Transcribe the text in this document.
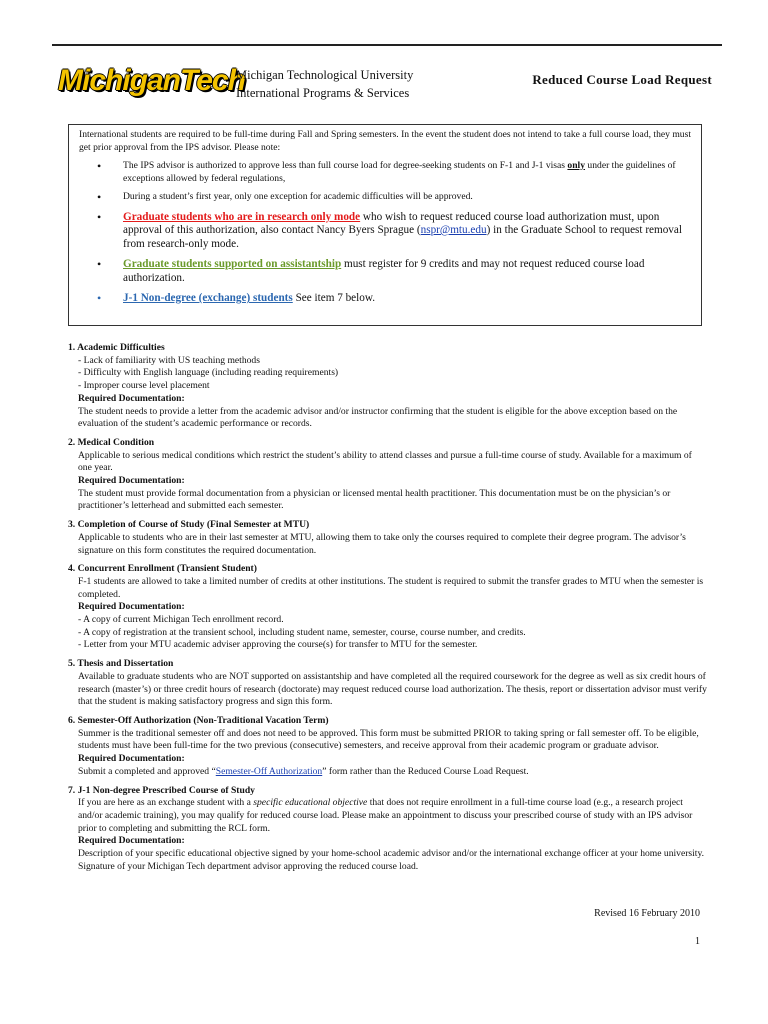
MichiganTech
Michigan Technological University
International Programs & Services
Reduced Course Load Request

International students are required to be full-time during Fall and Spring semesters. In the event the student does not intend to take a full course load, they must get prior approval from the IPS advisor. Please note:

• The IPS advisor is authorized to approve less than full course load for degree-seeking students on F-1 and J-1 visas only under the guidelines of exceptions allowed by federal regulations,
• During a student’s first year, only one exception for academic difficulties will be approved.
• Graduate students who are in research only mode who wish to request reduced course load authorization must, upon approval of this authorization, also contact Nancy Byers Sprague (nspr@mtu.edu) in the Graduate School to request removal from research-only mode.
• Graduate students supported on assistantship must register for 9 credits and may not request reduced course load authorization.
• J-1 Non-degree (exchange) students See item 7 below.
1. Academic Difficulties
- Lack of familiarity with US teaching methods
- Difficulty with English language (including reading requirements)
- Improper course level placement
Required Documentation:
The student needs to provide a letter from the academic advisor and/or instructor confirming that the student is eligible for the above exception based on the evaluation of the student’s academic performance or records.
2. Medical Condition
Applicable to serious medical conditions which restrict the student’s ability to attend classes and pursue a full-time course of study. Available for a maximum of one year.
Required Documentation:
The student must provide formal documentation from a physician or licensed mental health practitioner. This documentation must be on the physician’s or practitioner’s letterhead and submitted each semester.
3. Completion of Course of Study (Final Semester at MTU)
Applicable to students who are in their last semester at MTU, allowing them to take only the courses required to complete their degree program. The advisor’s signature on this form constitutes the required documentation.
4. Concurrent Enrollment (Transient Student)
F-1 students are allowed to take a limited number of credits at other institutions. The student is required to submit the transfer grades to MTU when the semester is completed.
Required Documentation:
- A copy of current Michigan Tech enrollment record.
- A copy of registration at the transient school, including student name, semester, course, course number, and credits.
- Letter from your MTU academic adviser approving the course(s) for transfer to MTU for the semester.
5. Thesis and Dissertation
Available to graduate students who are NOT supported on assistantship and have completed all the required coursework for the degree as well as six credit hours of research (master’s) or three credit hours of research (doctorate) may request reduced course load authorization. The thesis, report or dissertation advisor must verify that the student is making satisfactory progress and sign this form.
6. Semester-Off Authorization (Non-Traditional Vacation Term)
Summer is the traditional semester off and does not need to be approved. This form must be submitted PRIOR to taking spring or fall semester off. To be eligible, students must have been full-time for the two previous (consecutive) semesters, and receive approval from their academic program or graduate advisor.
Required Documentation:
Submit a completed and approved “Semester-Off Authorization” form rather than the Reduced Course Load Request.
7. J-1 Non-degree Prescribed Course of Study
If you are here as an exchange student with a specific educational objective that does not require enrollment in a full-time course load (e.g., a research project and/or academic training), you may qualify for reduced course load. Please make an appointment to discuss your prescribed course of study with an IPS advisor prior to completing and submitting the RCL form.
Required Documentation:
Description of your specific educational objective signed by your home-school academic advisor and/or the international exchange officer at your home university. Signature of your Michigan Tech department advisor approving the reduced course load.
Revised 16 February 2010
1
